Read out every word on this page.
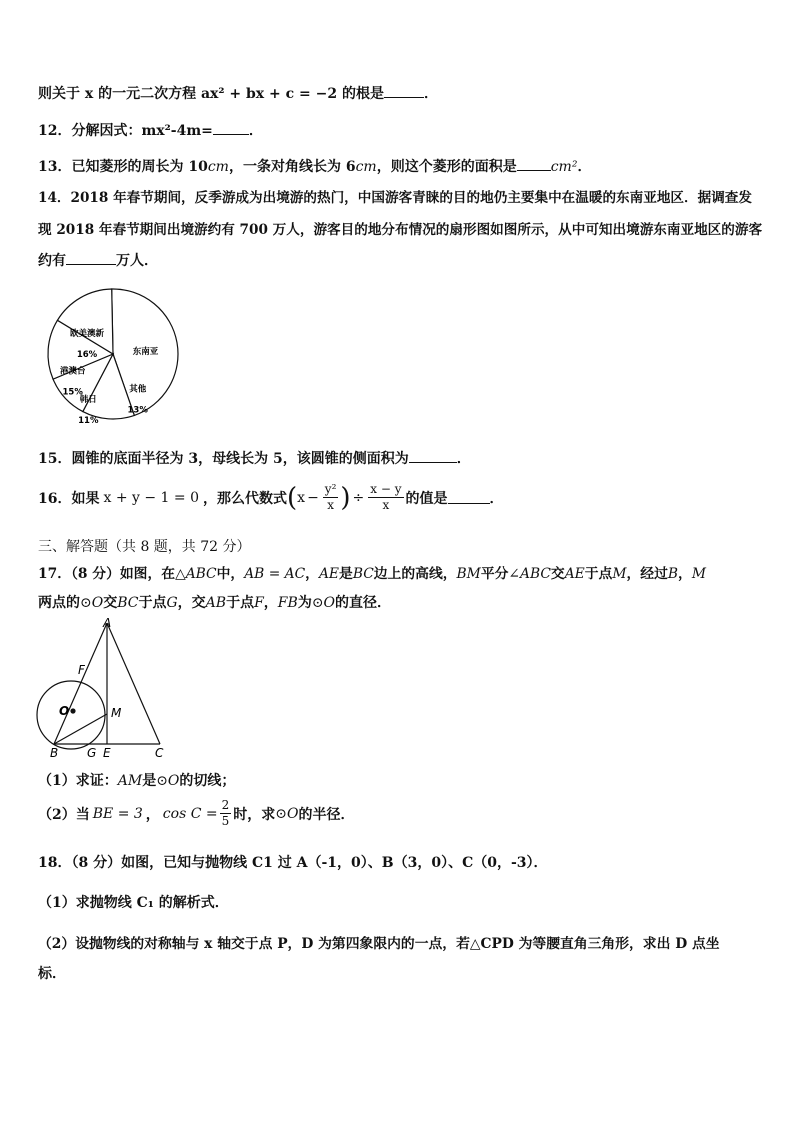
则关于 x 的一元二次方程 ax² + bx + c = −2 的根是	．
12．分解因式：mx²-4m=	．
13．已知菱形的周长为 10cm，一条对角线长为 6cm，则这个菱形的面积是 cm²．
14．2018 年春节期间，反季游成为出境游的热门，中国游客青睐的目的地仍主要集中在温暖的东南亚地区．据调查发
现 2018 年春节期间出境游约有 700 万人，游客目的地分布情况的扇形图如图所示，从中可知出境游东南亚地区的游客
约有	万人．
东南亚
其他
13%
韩日
11%
港澳台
15%
欧美澳新
16%
15．圆锥的底面半径为 3，母线长为 5，该圆锥的侧面积为	．
16．如果 x + y − 1 = 0 ，那么代数式 ( $x - \frac{\text{y²}}{x}$ ) ÷ $\frac{x - y}{x}$ 的值是	．
三、解答题（共 8 题，共 72 分）
17．（8 分）如图，在△ABC中，AB = AC，AE是BC边上的高线，BM平分∠ABC交AE于点M，经过B，M
两点的⊙O交BC于点G，交AB于点F，FB为⊙O的直径．
A
F
O	M
B G E	C
（1）求证：AM是⊙O的切线；
（2）当 BE = 3 ， $\cos C = \frac{2}{5}$ 时，求 ⊙O 的半径．
18．（8 分）如图，已知与抛物线 C1 过 A（-1，0）、B（3，0）、C（0，-3）．
（1）求抛物线 C₁ 的解析式．
（2）设抛物线的对称轴与 x 轴交于点 P，D 为第四象限内的一点，若△CPD 为等腰直角三角形，求出 D 点坐
标．
